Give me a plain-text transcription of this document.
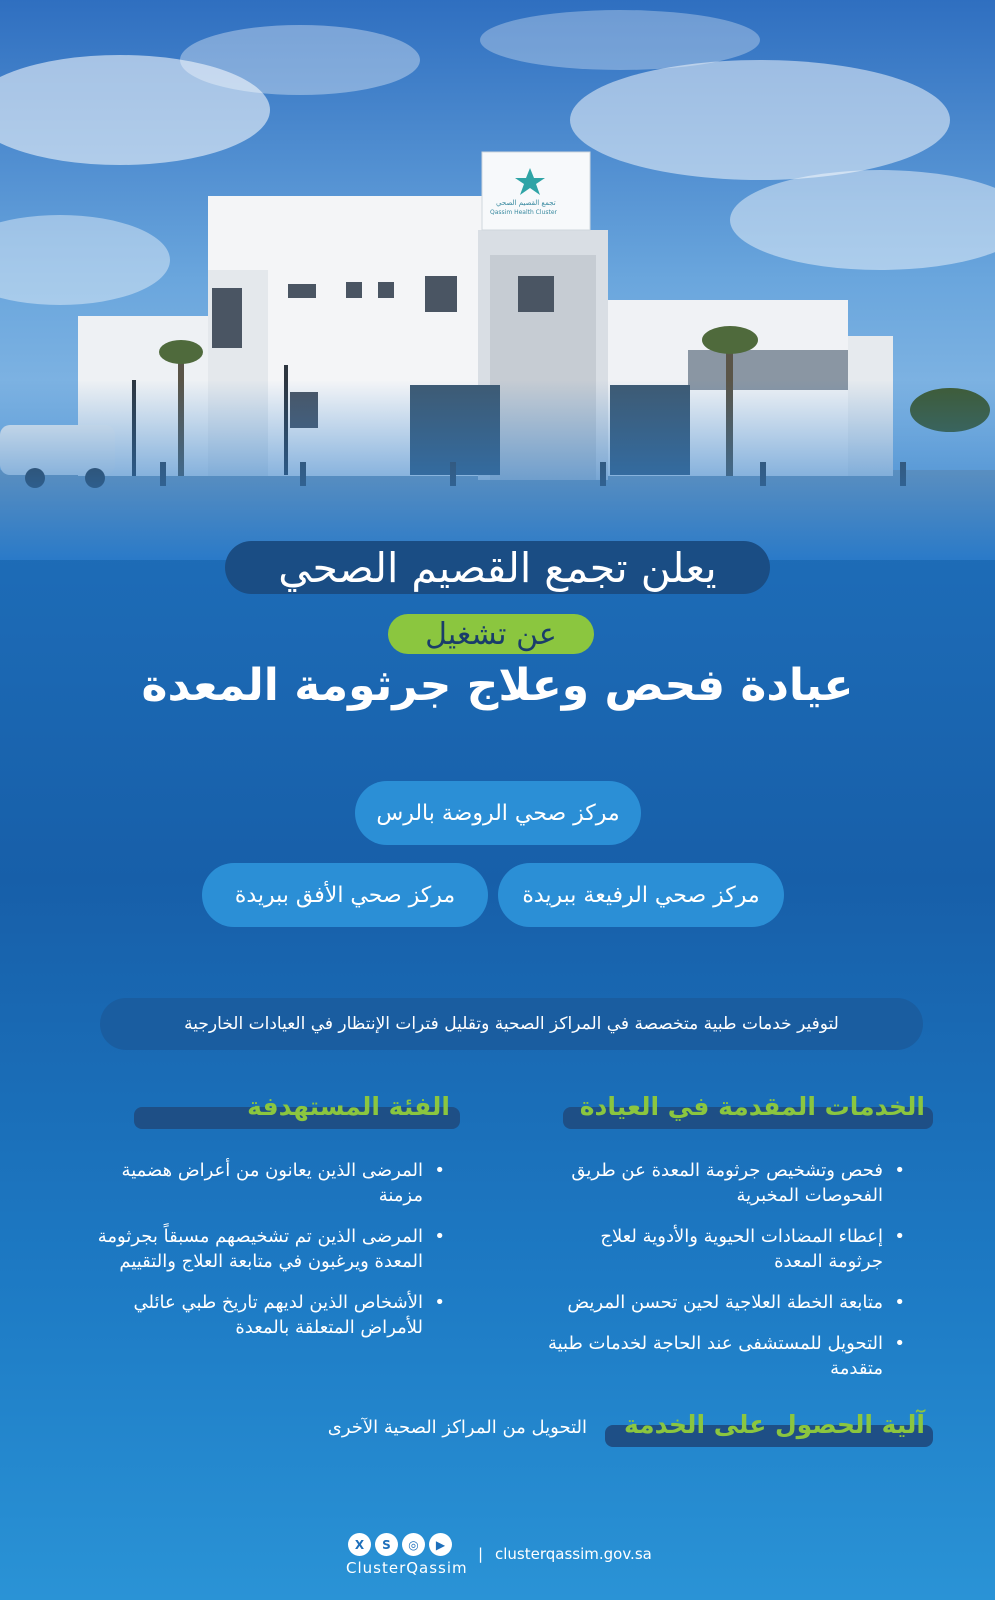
تجمع القصيم الصحي
Qassim Health Cluster
يعلن تجمع القصيم الصحي
عن تشغيل
عيادة فحص وعلاج جرثومة المعدة
مركز صحي الروضة بالرس
مركز صحي الرفيعة ببريدة
مركز صحي الأفق ببريدة
لتوفير خدمات طبية متخصصة في المراكز الصحية وتقليل فترات الإنتظار في العيادات الخارجية
الخدمات المقدمة في العيادة
• فحص وتشخيص جرثومة المعدة عن طريق الفحوصات المخبرية
• إعطاء المضادات الحيوية والأدوية لعلاج جرثومة المعدة
• متابعة الخطة العلاجية لحين تحسن المريض
• التحويل للمستشفى عند الحاجة لخدمات طبية متقدمة
الفئة المستهدفة
• المرضى الذين يعانون من أعراض هضمية مزمنة
• المرضى الذين تم تشخيصهم مسبقاً بجرثومة المعدة ويرغبون في متابعة العلاج والتقييم
• الأشخاص الذين لديهم تاريخ طبي عائلي للأمراض المتعلقة بالمعدة
آلية الحصول على الخدمة
التحويل من المراكز الصحية الآخرى
X	S	◎	▶
ClusterQassim
| clusterqassim.gov.sa
